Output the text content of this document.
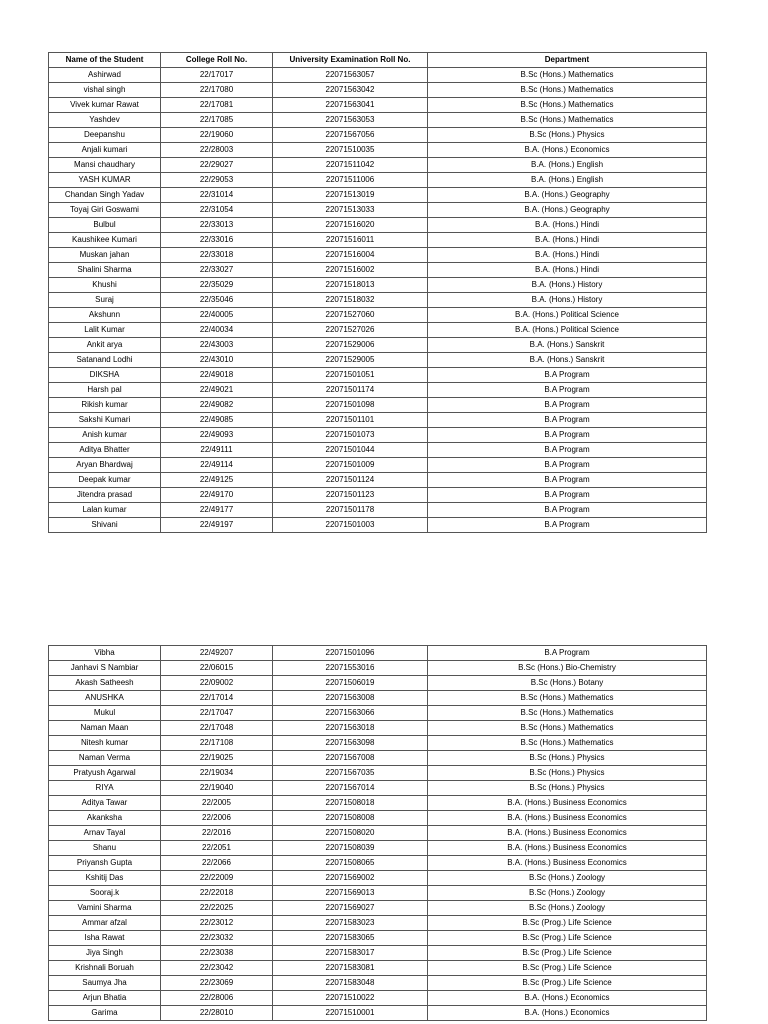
Name of the Student	College Roll No.	University Examination Roll No.	Department
Ashirwad	22/17017	22071563057	B.Sc (Hons.) Mathematics
vishal singh	22/17080	22071563042	B.Sc (Hons.) Mathematics
Vivek kumar Rawat	22/17081	22071563041	B.Sc (Hons.) Mathematics
Yashdev	22/17085	22071563053	B.Sc (Hons.) Mathematics
Deepanshu	22/19060	22071567056	B.Sc (Hons.) Physics
Anjali kumari	22/28003	22071510035	B.A. (Hons.) Economics
Mansi chaudhary	22/29027	22071511042	B.A. (Hons.) English
YASH KUMAR	22/29053	22071511006	B.A. (Hons.) English
Chandan Singh Yadav	22/31014	22071513019	B.A. (Hons.) Geography
Toyaj Giri Goswami	22/31054	22071513033	B.A. (Hons.) Geography
Bulbul	22/33013	22071516020	B.A. (Hons.) Hindi
Kaushikee Kumari	22/33016	22071516011	B.A. (Hons.) Hindi
Muskan jahan	22/33018	22071516004	B.A. (Hons.) Hindi
Shalini Sharma	22/33027	22071516002	B.A. (Hons.) Hindi
Khushi	22/35029	22071518013	B.A. (Hons.) History
Suraj	22/35046	22071518032	B.A. (Hons.) History
Akshunn	22/40005	22071527060	B.A. (Hons.) Political Science
Lalit Kumar	22/40034	22071527026	B.A. (Hons.) Political Science
Ankit arya	22/43003	22071529006	B.A. (Hons.) Sanskrit
Satanand Lodhi	22/43010	22071529005	B.A. (Hons.) Sanskrit
DIKSHA	22/49018	22071501051	B.A Program
Harsh pal	22/49021	22071501174	B.A Program
Rikish kumar	22/49082	22071501098	B.A Program
Sakshi Kumari	22/49085	22071501101	B.A Program
Anish kumar	22/49093	22071501073	B.A Program
Aditya Bhatter	22/49111	22071501044	B.A Program
Aryan Bhardwaj	22/49114	22071501009	B.A Program
Deepak kumar	22/49125	22071501124	B.A Program
Jitendra prasad	22/49170	22071501123	B.A Program
Lalan kumar	22/49177	22071501178	B.A Program
Shivani	22/49197	22071501003	B.A Program
Vibha	22/49207	22071501096	B.A Program
Janhavi S Nambiar	22/06015	22071553016	B.Sc (Hons.) Bio-Chemistry
Akash Satheesh	22/09002	22071506019	B.Sc (Hons.) Botany
ANUSHKA	22/17014	22071563008	B.Sc (Hons.) Mathematics
Mukul	22/17047	22071563066	B.Sc (Hons.) Mathematics
Naman Maan	22/17048	22071563018	B.Sc (Hons.) Mathematics
Nitesh kumar	22/17108	22071563098	B.Sc (Hons.) Mathematics
Naman Verma	22/19025	22071567008	B.Sc (Hons.) Physics
Pratyush Agarwal	22/19034	22071567035	B.Sc (Hons.) Physics
RIYA	22/19040	22071567014	B.Sc (Hons.) Physics
Aditya Tawar	22/2005	22071508018	B.A. (Hons.) Business Economics
Akanksha	22/2006	22071508008	B.A. (Hons.) Business Economics
Arnav Tayal	22/2016	22071508020	B.A. (Hons.) Business Economics
Shanu	22/2051	22071508039	B.A. (Hons.) Business Economics
Priyansh Gupta	22/2066	22071508065	B.A. (Hons.) Business Economics
Kshitij Das	22/22009	22071569002	B.Sc (Hons.) Zoology
Sooraj.k	22/22018	22071569013	B.Sc (Hons.) Zoology
Vamini Sharma	22/22025	22071569027	B.Sc (Hons.) Zoology
Ammar afzal	22/23012	22071583023	B.Sc (Prog.) Life Science
Isha Rawat	22/23032	22071583065	B.Sc (Prog.) Life Science
Jiya Singh	22/23038	22071583017	B.Sc (Prog.) Life Science
Krishnali Boruah	22/23042	22071583081	B.Sc (Prog.) Life Science
Saumya Jha	22/23069	22071583048	B.Sc (Prog.) Life Science
Arjun Bhatia	22/28006	22071510022	B.A. (Hons.) Economics
Garima	22/28010	22071510001	B.A. (Hons.) Economics
